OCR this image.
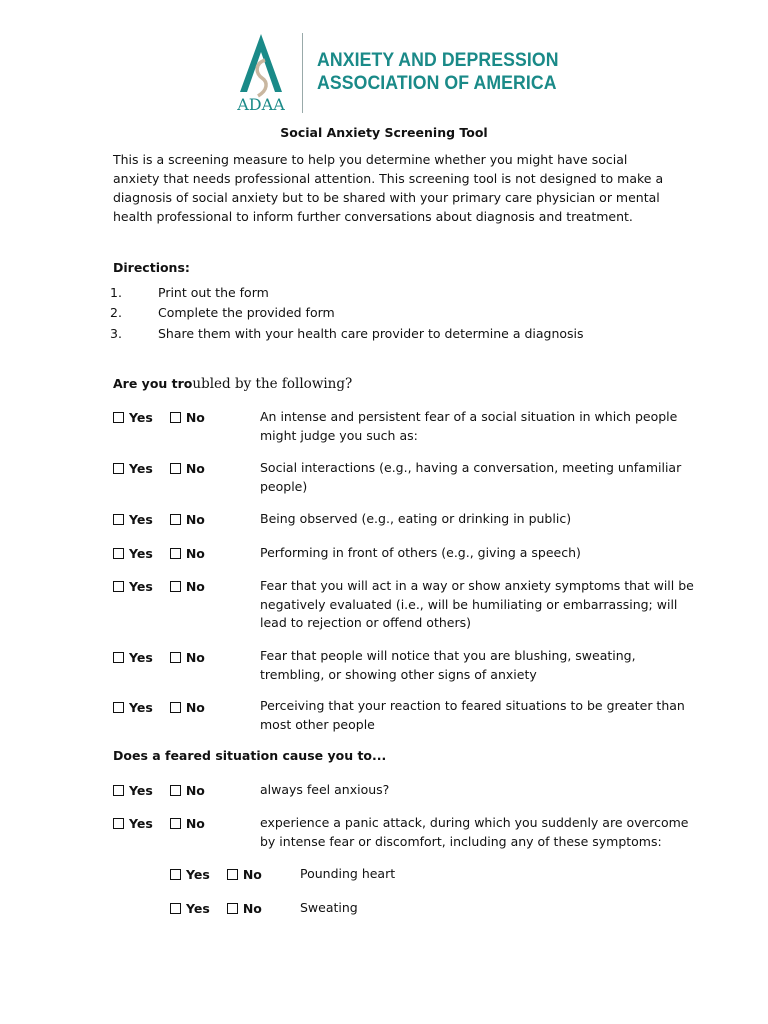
ADAA
ANXIETY AND DEPRESSION
ASSOCIATION OF AMERICA
Social Anxiety Screening Tool
This is a screening measure to help you determine whether you might have social anxiety that needs professional attention. This screening tool is not designed to make a diagnosis of social anxiety but to be shared with your primary care physician or mental health professional to inform further conversations about diagnosis and treatment.
Directions:
1.	Print out the form
2.	Complete the provided form
3.	Share them with your health care provider to determine a diagnosis
Are you troubled by the following?
Yes	No	An intense and persistent fear of a social situation in which people might judge you such as:
Yes	No	Social interactions (e.g., having a conversation, meeting unfamiliar people)
Yes	No	Being observed (e.g., eating or drinking in public)
Yes	No	Performing in front of others (e.g., giving a speech)
Yes	No	Fear that you will act in a way or show anxiety symptoms that will be negatively evaluated (i.e., will be humiliating or embarrassing; will lead to rejection or offend others)
Yes	No	Fear that people will notice that you are blushing, sweating, trembling, or showing other signs of anxiety
Yes	No	Perceiving that your reaction to feared situations to be greater than most other people
Does a feared situation cause you to...
Yes	No	always feel anxious?
Yes	No	experience a panic attack, during which you suddenly are overcome by intense fear or discomfort, including any of these symptoms:
Yes	No	Pounding heart
Yes	No	Sweating
